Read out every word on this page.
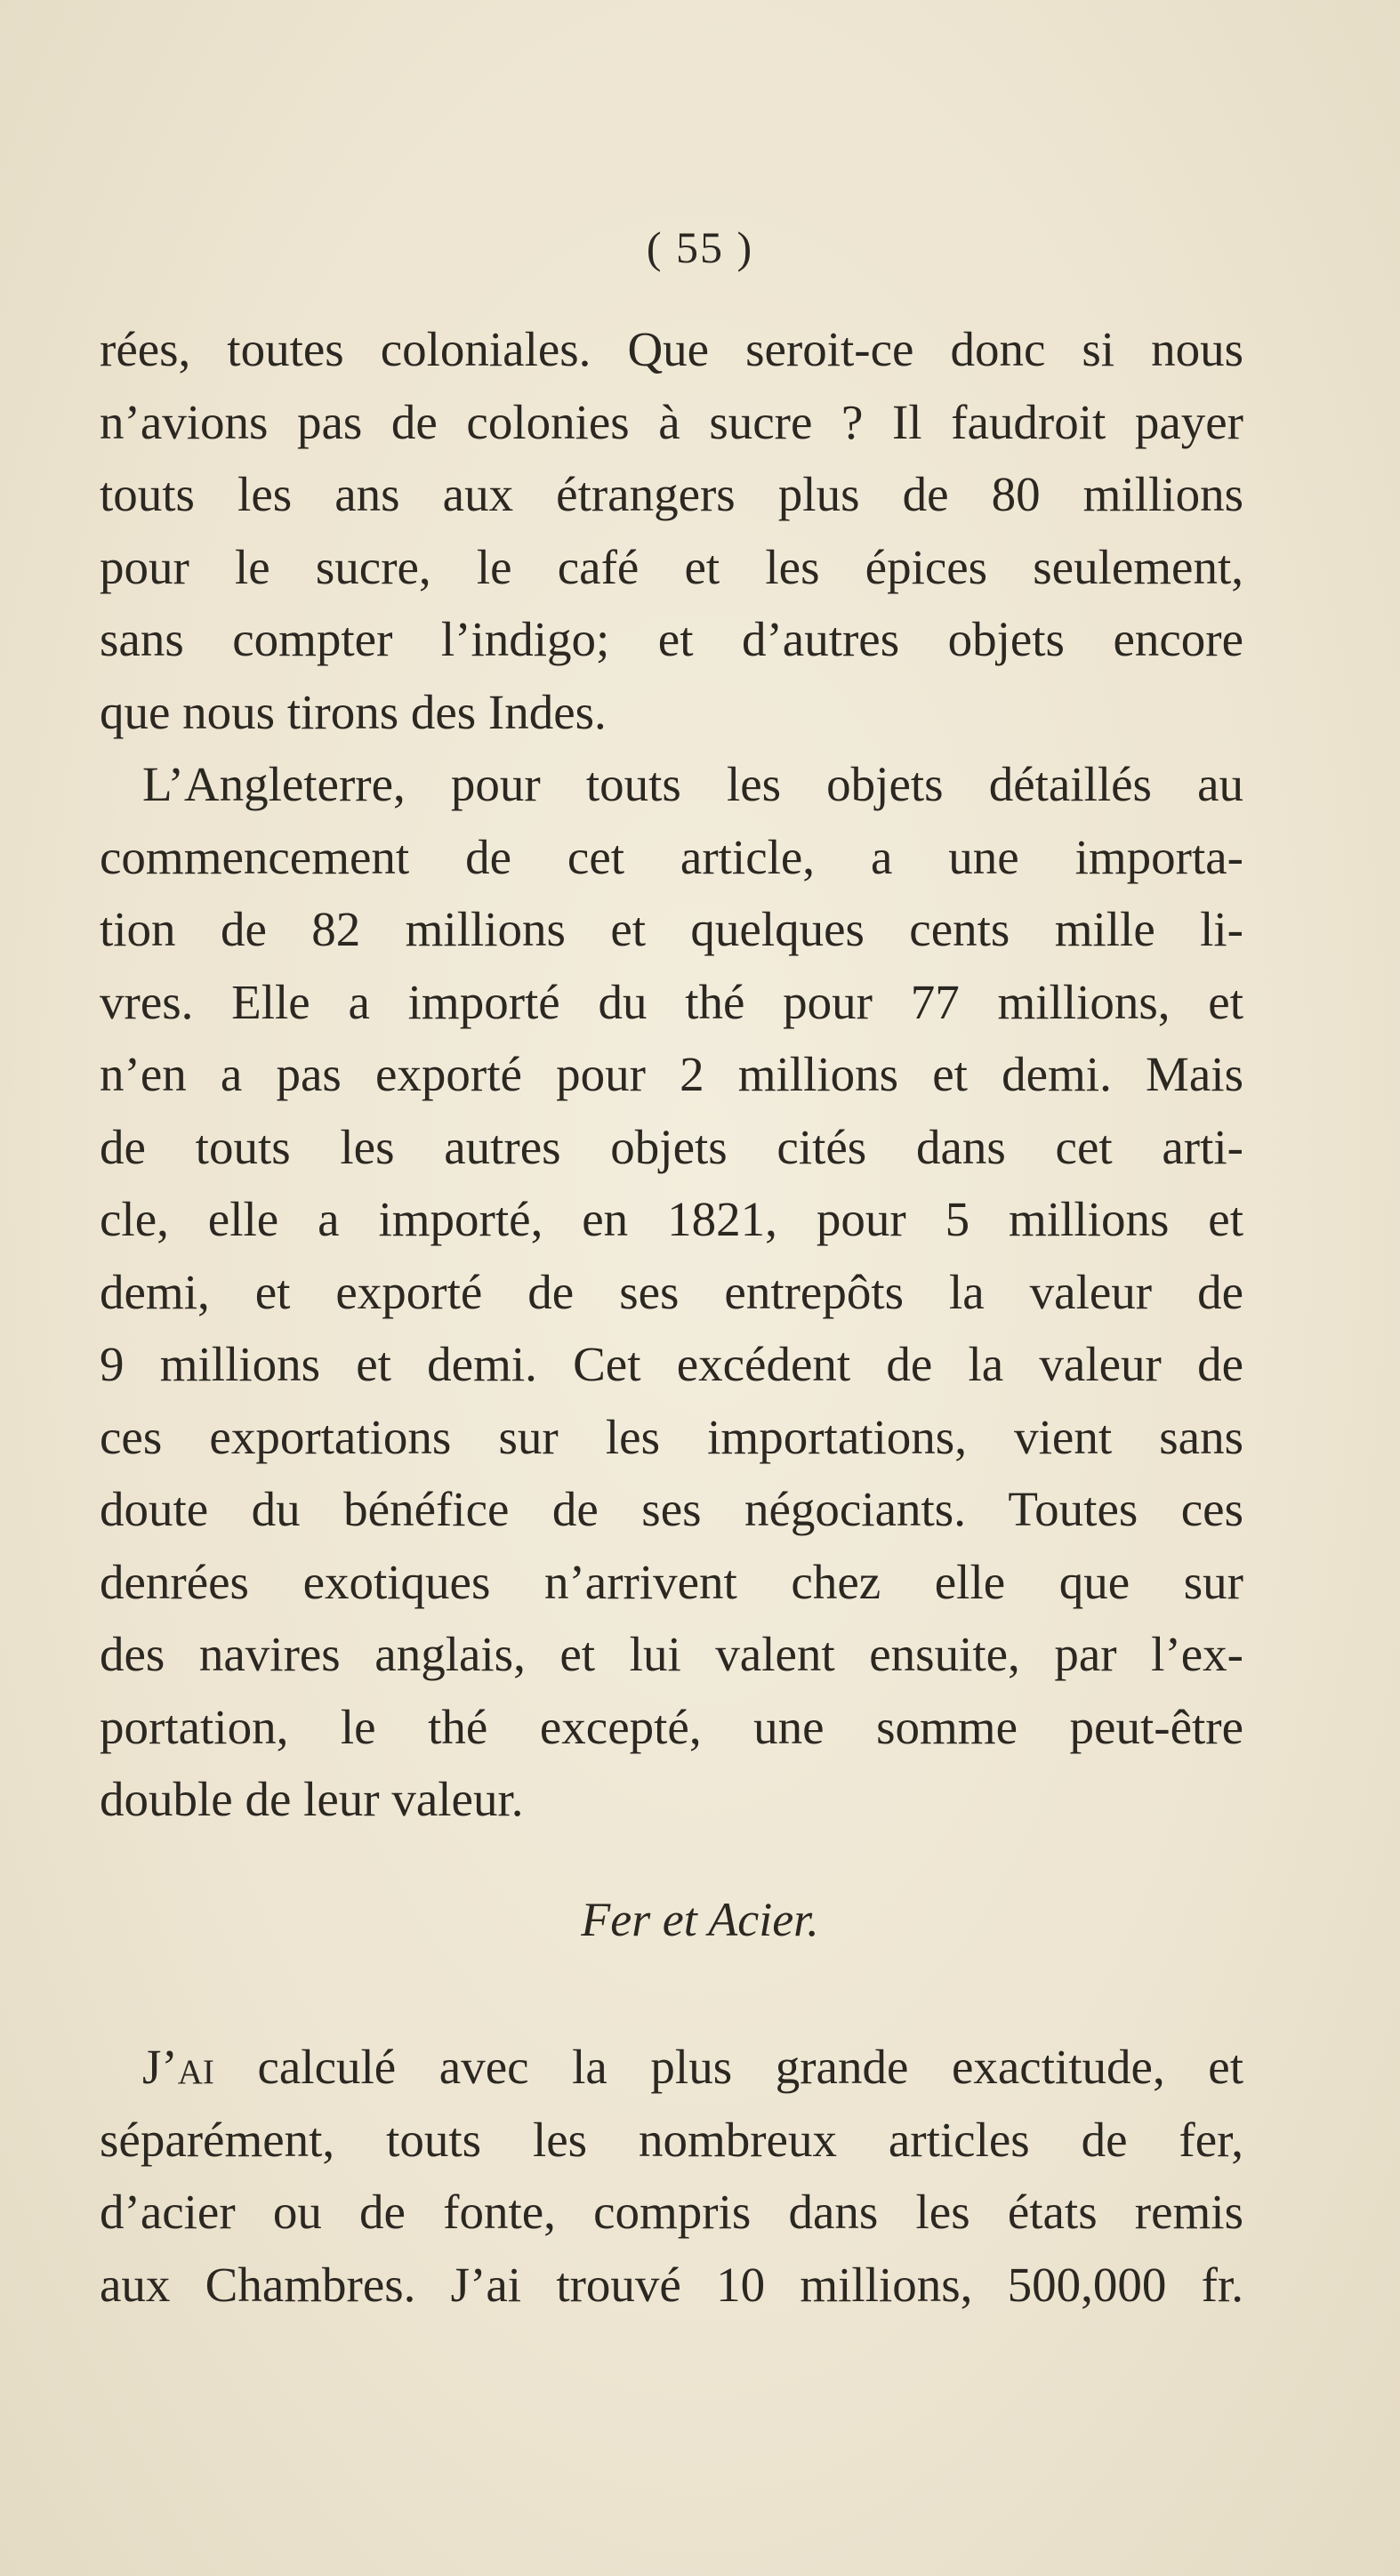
( 55 )
rées, toutes coloniales. Que seroit-ce donc si nous
n’avions pas de colonies à sucre ? Il faudroit payer
touts les ans aux étrangers plus de 80 millions
pour le sucre, le café et les épices seulement,
sans compter l’indigo; et d’autres objets encore
que nous tirons des Indes.
L’Angleterre, pour touts les objets détaillés au
commencement de cet article, a une importa-
tion de 82 millions et quelques cents mille li-
vres. Elle a importé du thé pour 77 millions, et
n’en a pas exporté pour 2 millions et demi. Mais
de touts les autres objets cités dans cet arti-
cle, elle a importé, en 1821, pour 5 millions et
demi, et exporté de ses entrepôts la valeur de
9 millions et demi. Cet excédent de la valeur de
ces exportations sur les importations, vient sans
doute du bénéfice de ses négociants. Toutes ces
denrées exotiques n’arrivent chez elle que sur
des navires anglais, et lui valent ensuite, par l’ex-
portation, le thé excepté, une somme peut-être
double de leur valeur.
Fer et Acier.
J’ai calculé avec la plus grande exactitude, et
séparément, touts les nombreux articles de fer,
d’acier ou de fonte, compris dans les états remis
aux Chambres. J’ai trouvé 10 millions, 500,000 fr.
